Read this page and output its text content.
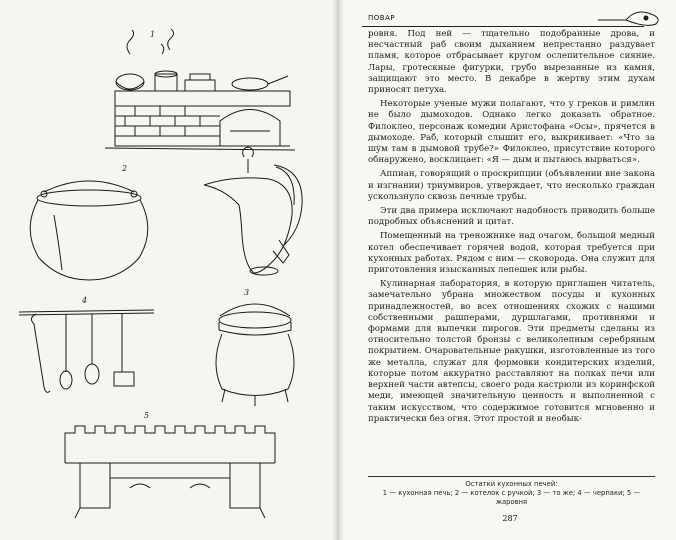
1
2
4
3
5
ПОВАР

ровня. Под ней — тщательно подобранные дрова, и несчастный раб своим дыханием непрестанно раздувает пламя, которое отбрасывает кругом ослепительное сияние. Лары, гротескные фигурки, грубо вырезанные из камня, защищают это место. В декабре в жертву этим духам приносят петуха.

Некоторые ученые мужи полагают, что у греков и римлян не было дымоходов. Однако легко доказать обратное. Филоклео, персонаж комедии Аристофана «Осы», прячется в дымоходе. Раб, который слышит его, выкрикивает: «Что за шум там в дымовой трубе?» Филоклео, присутствие которого обнаружено, восклицает: «Я — дым и пытаюсь вырваться».

Аппиан, говорящий о проскрипции (объявлении вне закона и изгнании) триумвиров, утверждает, что несколько граждан ускользнуло сквозь печные трубы.

Эти два примера исключают надобность приводить больше подробных объяснений и цитат.

Помещенный на треножнике над очагом, большой медный котел обеспечивает горячей водой, которая требуется при кухонных работах. Рядом с ним — сковорода. Она служит для приготовления изысканных лепешек или рыбы.

Кулинарная лаборатория, в которую приглашен читатель, замечательно убрана множеством посуды и кухонных принадлежностей, во всех отношениях схожих с нашими собственными рашперами, дуршлагами, противнями и формами для выпечки пирогов. Эти предметы сделаны из относительно толстой бронзы с великолепным серебряным покрытием. Очаровательные ракушки, изготовленные из того же металла, служат для формовки кондитерских изделий, которые потом аккуратно расставляют на полках печи или верхней части автепсы, своего рода кастрюли из коринфской меди, имеющей значительную ценность и выполненной с таким искусством, что содержимое готовится мгновенно и практически без огня. Этот простой и необык-

Остатки кухонных печей:
1 — кухонная печь; 2 — котелок с ручкой; 3 — то же; 4 — черпаки; 5 — жаровня
287
